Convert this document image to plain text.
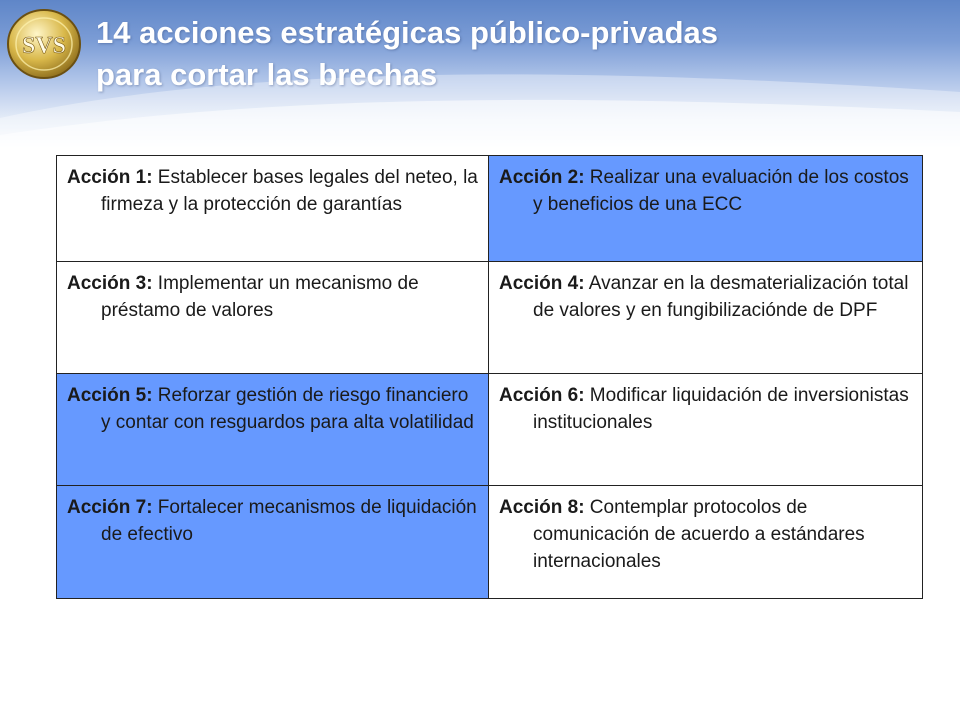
SVS 14 acciones estratégicas público-privadas
para cortar las brechas
Acción 1: Establecer bases legales del neteo, la firmeza y la protección de garantías	Acción 2: Realizar una evaluación de los costos y beneficios de una ECC

Acción 3: Implementar un mecanismo de préstamo de valores	Acción 4: Avanzar en la desmaterialización total de valores y en fungibilizaciónde de DPF

Acción 5: Reforzar gestión de riesgo financiero y contar con resguardos para alta volatilidad	Acción 6: Modificar liquidación de inversionistas institucionales

Acción 7: Fortalecer mecanismos de liquidación de efectivo	Acción 8: Contemplar protocolos de comunicación de acuerdo a estándares internacionales
